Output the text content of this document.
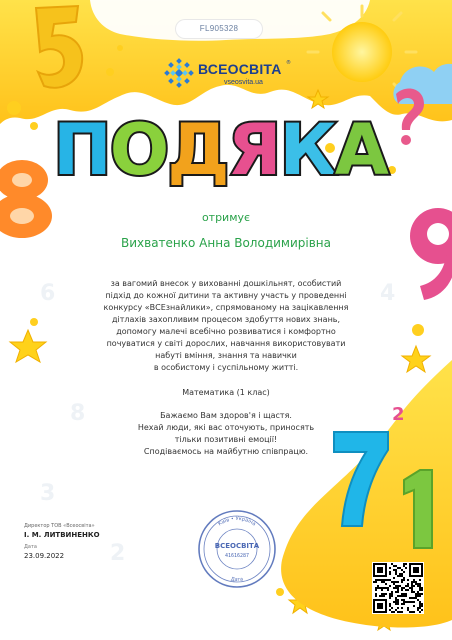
2
6
8
3
4
2
FL905328
ВСЕОСВІТА ®
vseosvita.ua
ПОДЯКА
отримує
Вихватенко Анна Володимирівна
за вагомий внесок у вихованні дошкільнят, особистий
підхід до кожної дитини та активну участь у проведенні
конкурсу «ВСЕзнайлики», спрямованому на зацікавлення
дітлахів захопливим процесом здобуття нових знань,
допомогу малечі всебічно розвиватися і комфортно
почуватися у світі дорослих, навчання використовувати
набуті вміння, знання та навички
в особистому і суспільному житті.
Математика (1 клас)
Бажаємо Вам здоров'я і щастя.
Нехай люди, які вас оточують, приносять
тільки позитивні емоції!
Сподіваємось на майбутню співпрацю.
Директор ТОВ «Всеосвіта»
І. М. ЛИТВИНЕНКО
Дата
23.09.2022
Київ • Україна
Дата
ВСЕОСВІТА
41616287
